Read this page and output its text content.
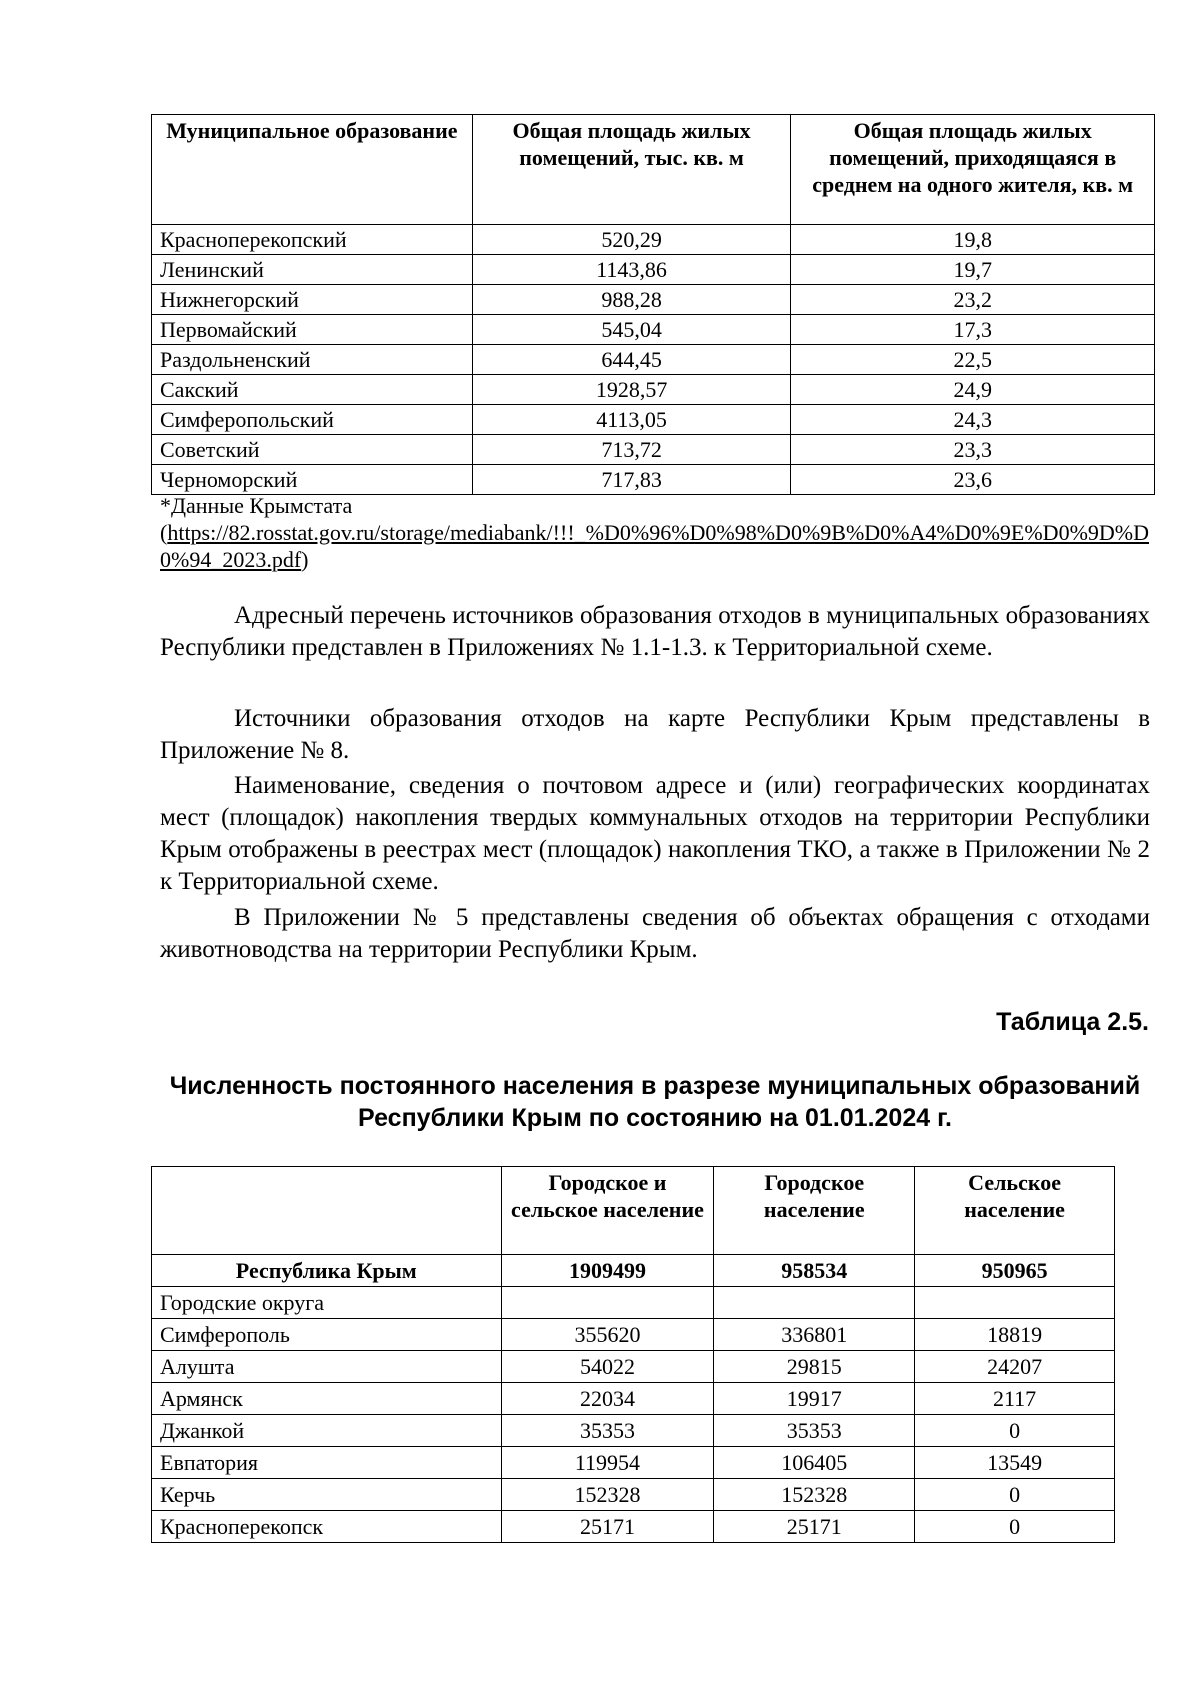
Муниципальное образование	Общая площадь жилых помещений, тыс. кв. м	Общая площадь жилых помещений, приходящаяся в среднем на одного жителя, кв. м
Красноперекопский	520,29	19,8
Ленинский	1143,86	19,7
Нижнегорский	988,28	23,2
Первомайский	545,04	17,3
Раздольненский	644,45	22,5
Сакский	1928,57	24,9
Симферопольский	4113,05	24,3
Советский	713,72	23,3
Черноморский	717,83	23,6
*Данные Крымстата
(https://82.rosstat.gov.ru/storage/mediabank/!!!_%D0%96%D0%98%D0%9B%D0%A4%D0%9E%D0%9D%D0%94_2023.pdf)

Адресный перечень источников образования отходов в муниципальных образованиях Республики представлен в Приложениях № 1.1-1.3. к Территориальной схеме.

Источники образования отходов на карте Республики Крым представлены в Приложение № 8.

Наименование, сведения о почтовом адресе и (или) географических координатах мест (площадок) накопления твердых коммунальных отходов на территории Республики Крым отображены в реестрах мест (площадок) накопления ТКО, а также в Приложении № 2 к Территориальной схеме.

В Приложении № 5 представлены сведения об объектах обращения с отходами животноводства на территории Республики Крым.

Таблица 2.5.

Численность постоянного населения в разрезе муниципальных образований Республики Крым по состоянию на 01.01.2024 г.

	Городское и сельское население	Городское население	Сельское население
Республика Крым	1909499	958534	950965
Городские округа			
Симферополь	355620	336801	18819
Алушта	54022	29815	24207
Армянск	22034	19917	2117
Джанкой	35353	35353	0
Евпатория	119954	106405	13549
Керчь	152328	152328	0
Красноперекопск	25171	25171	0
